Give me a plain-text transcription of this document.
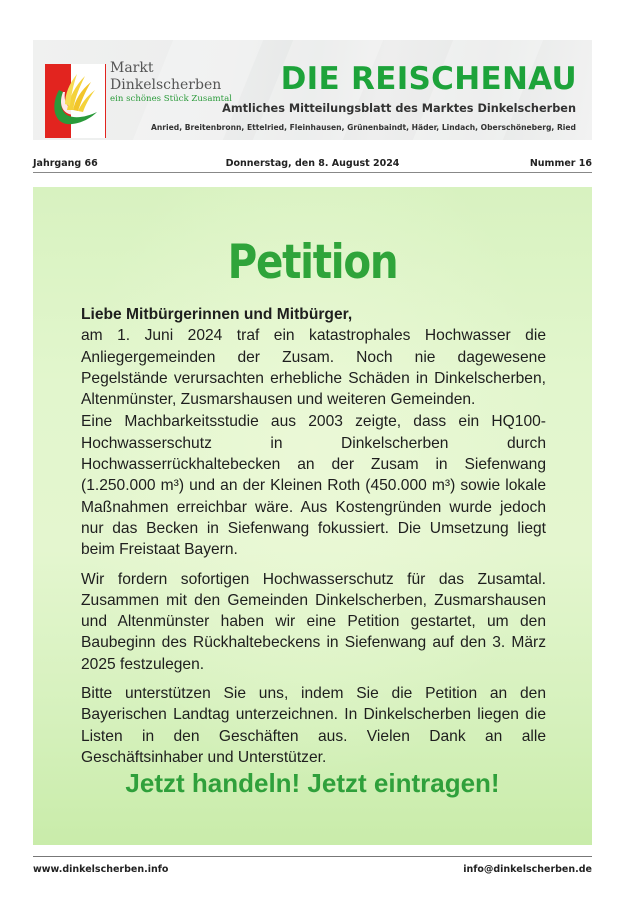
Markt
Dinkelscherben
ein schönes Stück Zusamtal
DIE REISCHENAU
Amtliches Mitteilungsblatt des Marktes Dinkelscherben
Anried, Breitenbronn, Ettelried, Fleinhausen, Grünenbaindt, Häder, Lindach, Oberschöneberg, Ried
Jahrgang 66	Donnerstag, den 8. August 2024	Nummer 16
Petition
Liebe Mitbürgerinnen und Mitbürger,

am 1. Juni 2024 traf ein katastrophales Hochwasser die Anliegergemeinden der Zusam. Noch nie dagewesene Pegelstände verursachten erhebliche Schäden in Dinkelscherben, Altenmünster, Zusmarshausen und weiteren Gemeinden.

Eine Machbarkeitsstudie aus 2003 zeigte, dass ein HQ100-Hochwasserschutz in Dinkelscherben durch Hochwasserrückhaltebecken an der Zusam in Siefenwang (1.250.000 m³) und an der Kleinen Roth (450.000 m³) sowie lokale Maßnahmen erreichbar wäre. Aus Kostengründen wurde jedoch nur das Becken in Siefenwang fokussiert. Die Umsetzung liegt beim Freistaat Bayern.

Wir fordern sofortigen Hochwasserschutz für das Zusamtal. Zusammen mit den Gemeinden Dinkelscherben, Zusmarshausen und Altenmünster haben wir eine Petition gestartet, um den Baubeginn des Rückhaltebeckens in Siefenwang auf den 3. März 2025 festzulegen.

Bitte unterstützen Sie uns, indem Sie die Petition an den Bayerischen Landtag unterzeichnen. In Dinkelscherben liegen die Listen in den Geschäften aus. Vielen Dank an alle Geschäftsinhaber und Unterstützer.

Jetzt handeln! Jetzt eintragen!
www.dinkelscherben.info	info@dinkelscherben.de
